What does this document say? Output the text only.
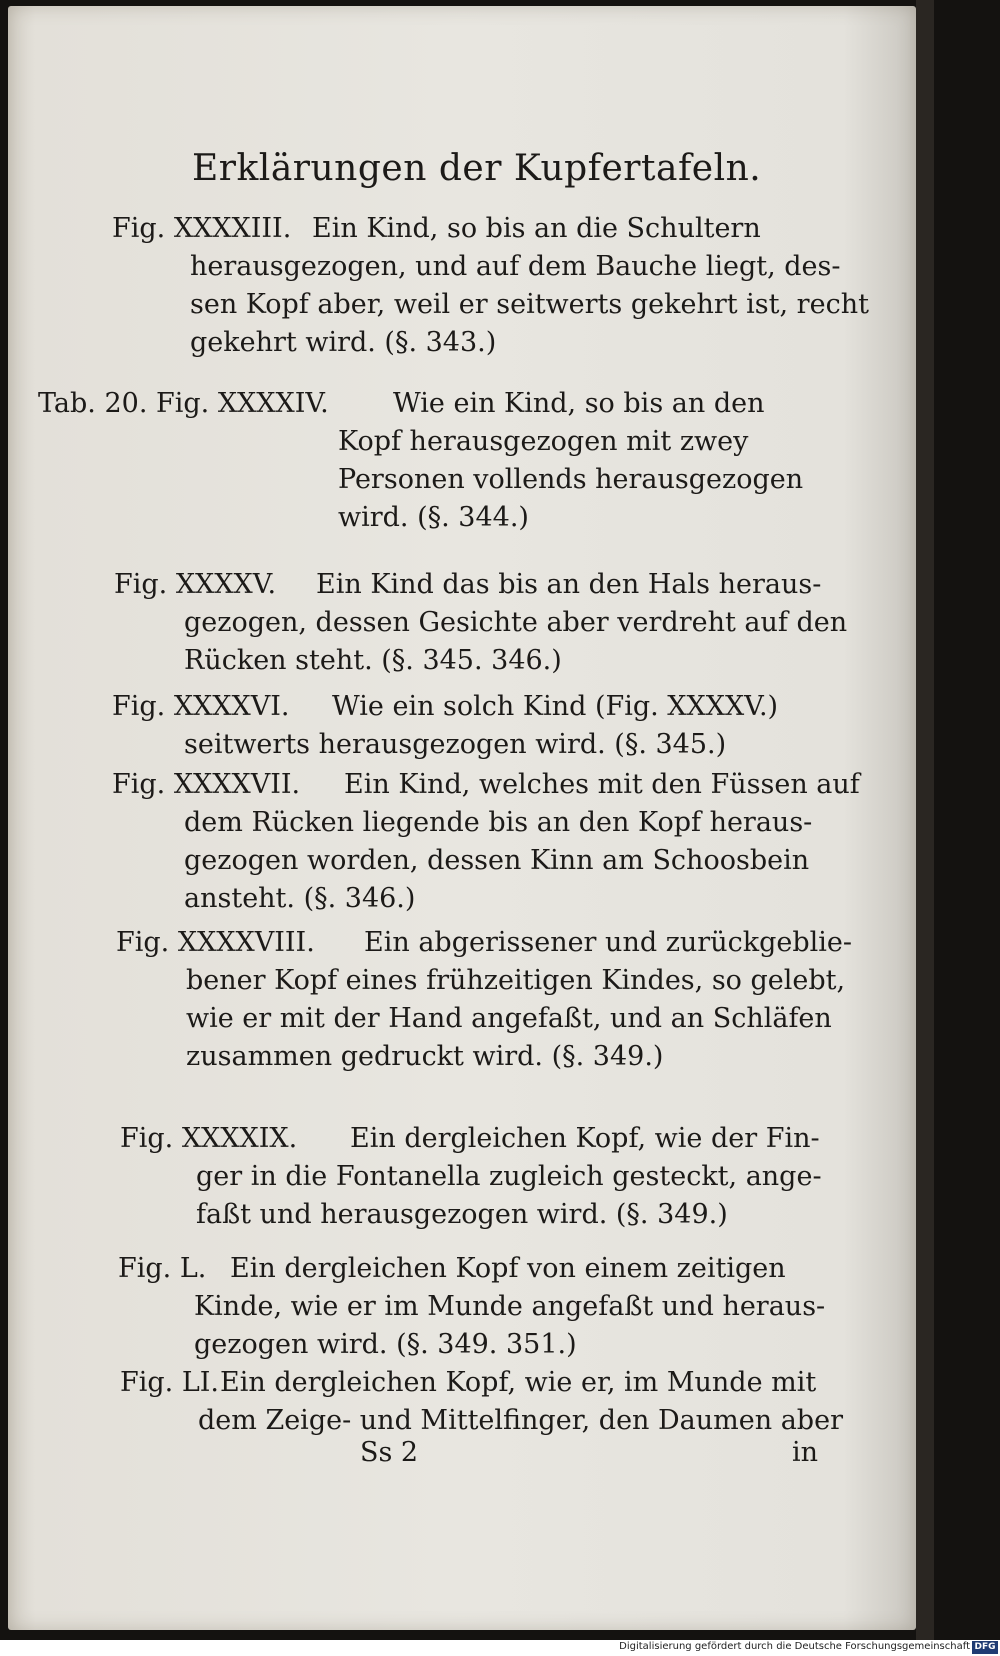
Erklärungen der Kupfertafeln.
Fig. XXXXIII. Ein Kind, so bis an die Schultern
herausgezogen, und auf dem Bauche liegt, des-
sen Kopf aber, weil er seitwerts gekehrt ist, recht
gekehrt wird. (§. 343.)
Tab. 20. Fig. XXXXIV.	Wie ein Kind, so bis an den
Kopf herausgezogen mit zwey
Personen vollends herausgezogen
wird. (§. 344.)
Fig. XXXXV.	Ein Kind das bis an den Hals heraus-
gezogen, dessen Gesichte aber verdreht auf den
Rücken steht. (§. 345. 346.)
Fig. XXXXVI.	Wie ein solch Kind (Fig. XXXXV.)
seitwerts herausgezogen wird. (§. 345.)
Fig. XXXXVII.	Ein Kind, welches mit den Füssen auf
dem Rücken liegende bis an den Kopf heraus-
gezogen worden, dessen Kinn am Schoosbein
ansteht. (§. 346.)
Fig. XXXXVIII.	Ein abgerissener und zurückgeblie-
bener Kopf eines frühzeitigen Kindes, so gelebt,
wie er mit der Hand angefaßt, und an Schläfen
zusammen gedruckt wird. (§. 349.)
Fig. XXXXIX.	Ein dergleichen Kopf, wie der Fin-
ger in die Fontanella zugleich gesteckt, ange-
faßt und herausgezogen wird. (§. 349.)
Fig. L. Ein dergleichen Kopf von einem zeitigen
Kinde, wie er im Munde angefaßt und heraus-
gezogen wird. (§. 349. 351.)
Fig. LI. Ein dergleichen Kopf, wie er, im Munde mit
dem Zeige- und Mittelfinger, den Daumen aber
Ss 2	in
Digitalisierung gefördert durch die Deutsche Forschungsgemeinschaft DFG
